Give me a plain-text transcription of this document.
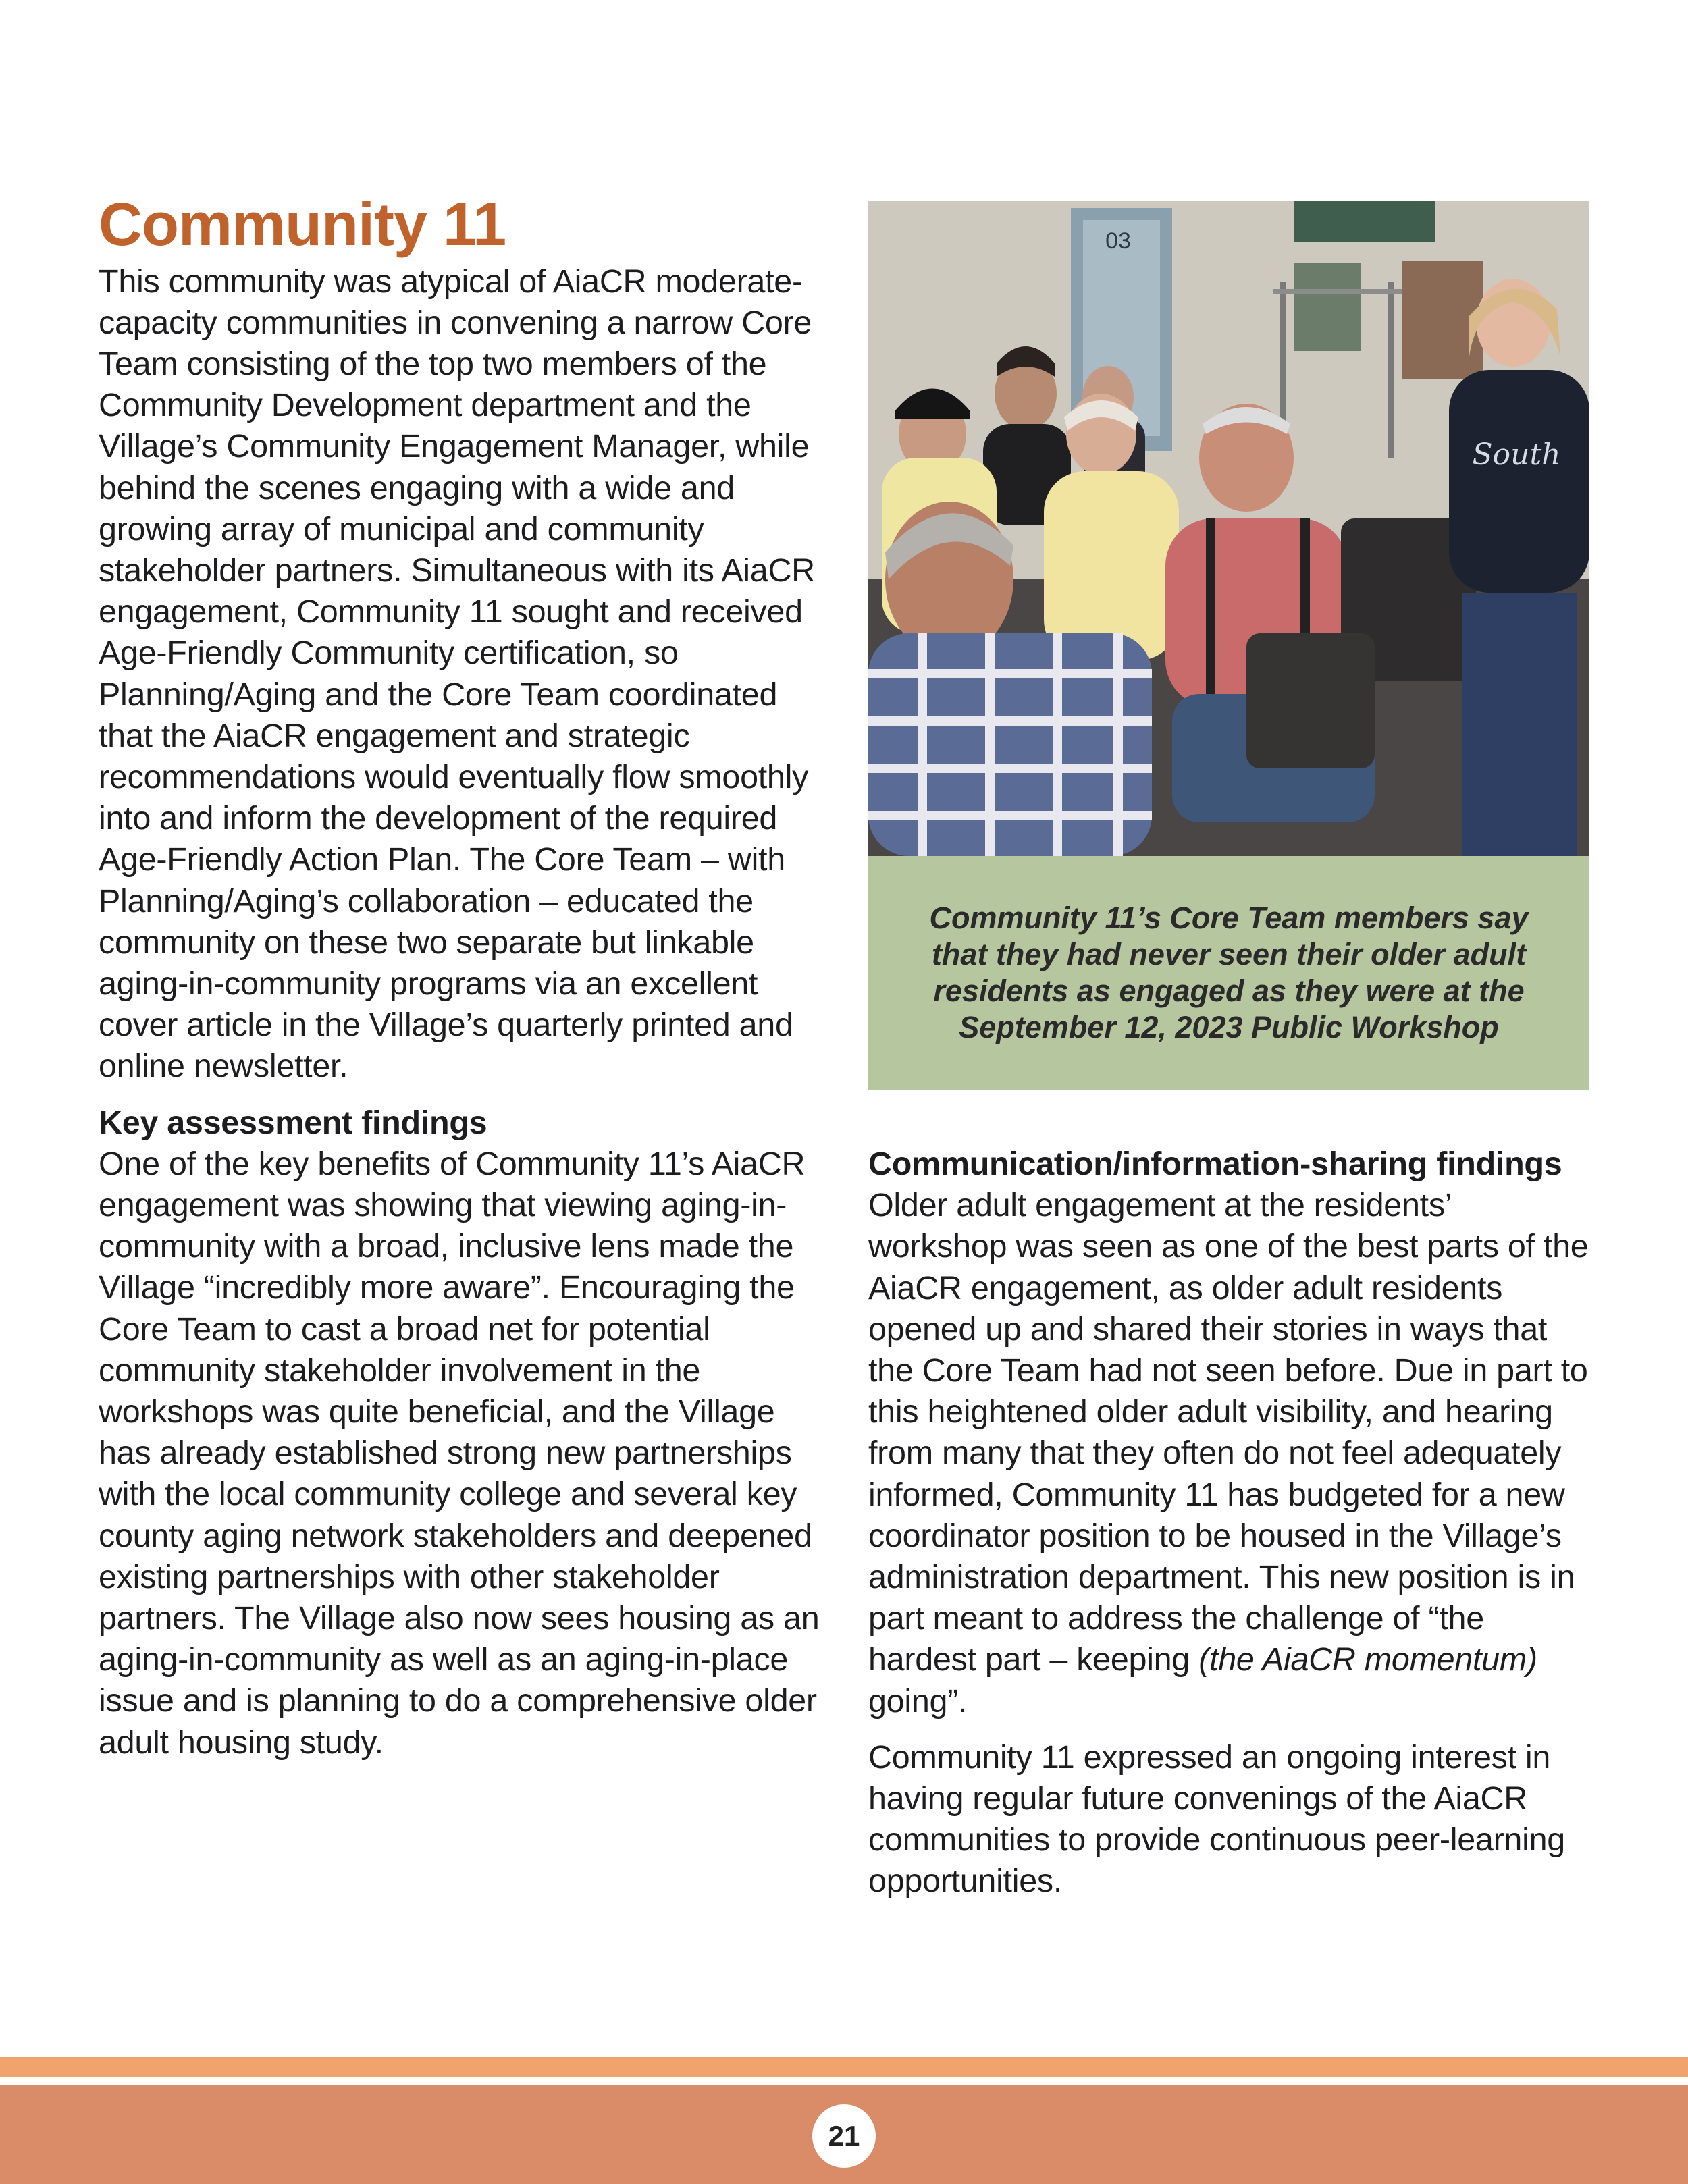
Community 11

This community was atypical of AiaCR moderate-capacity communities in convening a narrow Core Team consisting of the top two members of the Community Development department and the Village’s Community Engagement Manager, while behind the scenes engaging with a wide and growing array of municipal and community stakeholder partners. Simultaneous with its AiaCR engagement, Community 11 sought and received Age-Friendly Community certification, so Planning/Aging and the Core Team coordinated that the AiaCR engagement and strategic recommendations would eventually flow smoothly into and inform the development of the required Age-Friendly Action Plan. The Core Team – with Planning/Aging’s collaboration – educated the community on these two separate but linkable aging-in-community programs via an excellent cover article in the Village’s quarterly printed and online newsletter.

Key assessment findings

One of the key benefits of Community 11’s AiaCR engagement was showing that viewing aging-in-community with a broad, inclusive lens made the Village “incredibly more aware”. Encouraging the Core Team to cast a broad net for potential community stakeholder involvement in the workshops was quite beneficial, and the Village has already established strong new partnerships with the local community college and several key county aging network stakeholders and deepened existing partnerships with other stakeholder partners. The Village also now sees housing as an aging-in-community as well as an aging-in-place issue and is planning to do a comprehensive older adult housing study.

03
South

Community 11’s Core Team members say that they had never seen their older adult residents as engaged as they were at the September 12, 2023 Public Workshop

Communication/information-sharing findings

Older adult engagement at the residents’ workshop was seen as one of the best parts of the AiaCR engagement, as older adult residents opened up and shared their stories in ways that the Core Team had not seen before. Due in part to this heightened older adult visibility, and hearing from many that they often do not feel adequately informed, Community 11 has budgeted for a new coordinator position to be housed in the Village’s administration department. This new position is in part meant to address the challenge of “the hardest part – keeping (the AiaCR momentum) going”.

Community 11 expressed an ongoing interest in having regular future convenings of the AiaCR communities to provide continuous peer-learning opportunities.

21
